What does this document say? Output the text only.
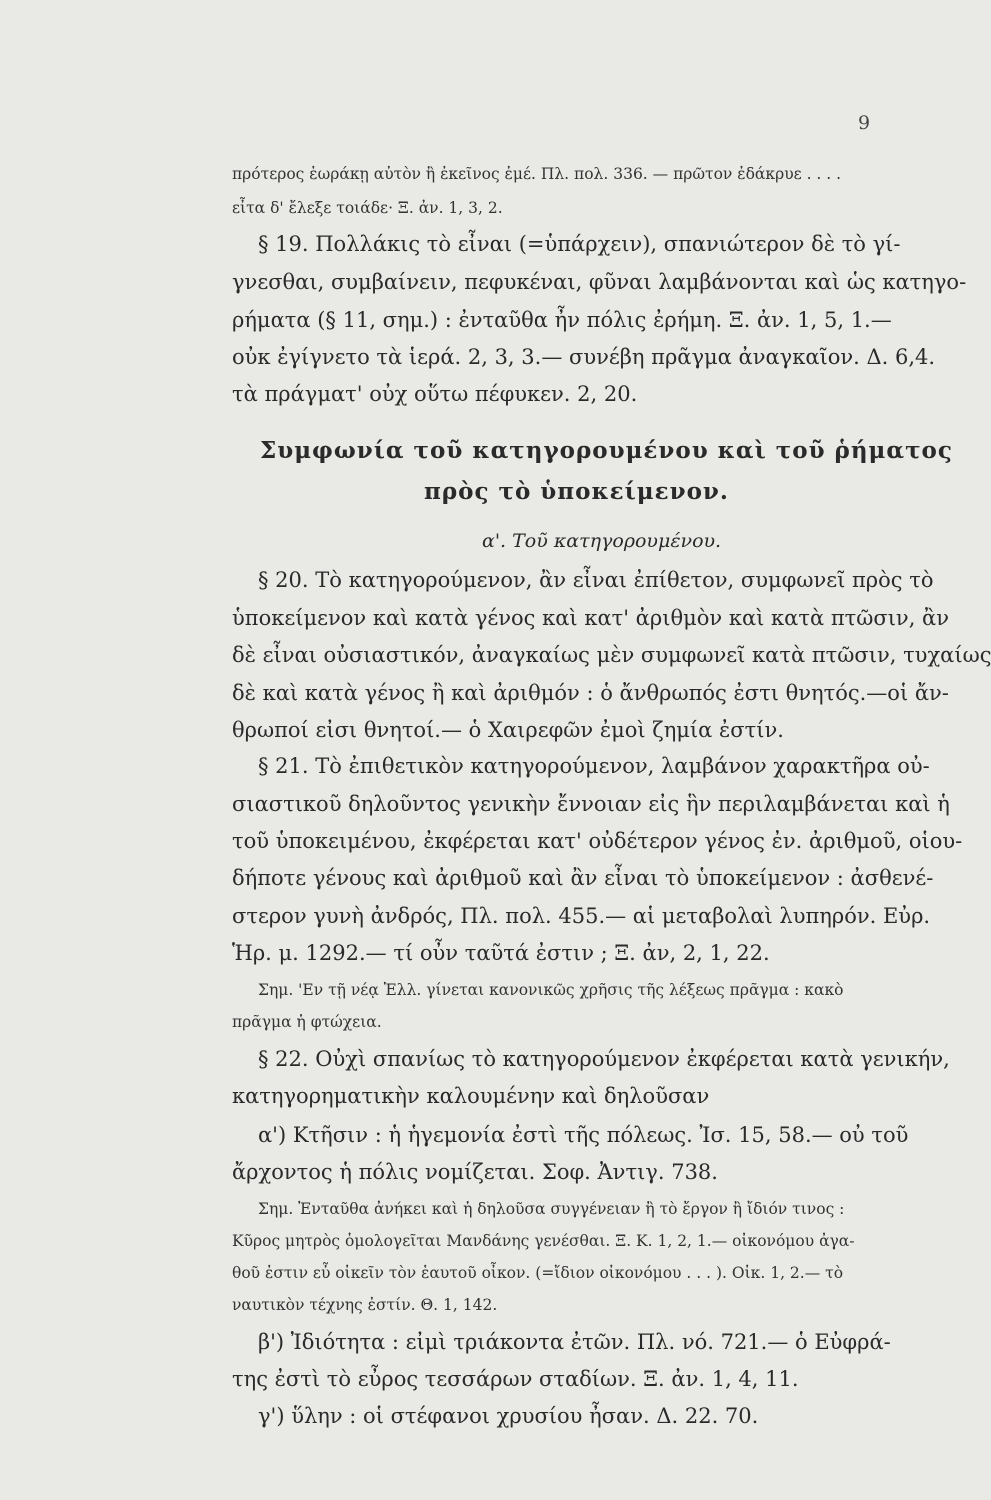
9
πρότερος ἑωράκῃ αὐτὸν ἢ ἐκεῖνος ἐμέ. Πλ. πολ. 336. — πρῶτον ἐδάκρυε . . . .
εἶτα δ' ἔλεξε τοιάδε· Ξ. ἀν. 1, 3, 2.
§ 19. Πολλάκις τὸ εἶναι (=ὑπάρχειν), σπανιώτερον δὲ τὸ γί-
γνεσθαι, συμβαίνειν, πεφυκέναι, φῦναι λαμβάνονται καὶ ὡς κατηγο-
ρήματα (§ 11, σημ.) : ἐνταῦθα ἦν πόλις ἐρήμη. Ξ. ἀν. 1, 5, 1.—
οὐκ ἐγίγνετο τὰ ἱερά. 2, 3, 3.— συνέβη πρᾶγμα ἀναγκαῖον. Δ. 6,4.
τὰ πράγματ' οὐχ οὕτω πέφυκεν. 2, 20.
Συμφωνία τοῦ κατηγορουμένου καὶ τοῦ ῥήματος
πρὸς τὸ ὑποκείμενον.
α'. Τοῦ κατηγορουμένου.
§ 20. Τὸ κατηγορούμενον, ἂν εἶναι ἐπίθετον, συμφωνεῖ πρὸς τὸ
ὑποκείμενον καὶ κατὰ γένος καὶ κατ' ἀριθμὸν καὶ κατὰ πτῶσιν, ἂν
δὲ εἶναι οὐσιαστικόν, ἀναγκαίως μὲν συμφωνεῖ κατὰ πτῶσιν, τυχαίως
δὲ καὶ κατὰ γένος ἢ καὶ ἀριθμόν : ὁ ἄνθρωπός ἐστι θνητός.—οἱ ἄν-
θρωποί εἰσι θνητοί.— ὁ Χαιρεφῶν ἐμοὶ ζημία ἐστίν.
§ 21. Τὸ ἐπιθετικὸν κατηγορούμενον, λαμβάνον χαρακτῆρα οὐ-
σιαστικοῦ δηλοῦντος γενικὴν ἔννοιαν εἰς ἣν περιλαμβάνεται καὶ ἡ
τοῦ ὑποκειμένου, ἐκφέρεται κατ' οὐδέτερον γένος ἐν. ἀριθμοῦ, οἱου-
δήποτε γένους καὶ ἀριθμοῦ καὶ ἂν εἶναι τὸ ὑποκείμενον : ἀσθενέ-
στερον γυνὴ ἀνδρός, Πλ. πολ. 455.— αἱ μεταβολαὶ λυπηρόν. Εὐρ.
Ἡρ. μ. 1292.— τί οὖν ταῦτά ἐστιν ; Ξ. ἀν, 2, 1, 22.
Σημ. 'Εν τῇ νέᾳ Ἑλλ. γίνεται κανονικῶς χρῆσις τῆς λέξεως πρᾶγμα : κακὸ
πρᾶγμα ἡ φτώχεια.
§ 22. Οὐχὶ σπανίως τὸ κατηγορούμενον ἐκφέρεται κατὰ γενικήν,
κατηγορηματικὴν καλουμένην καὶ δηλοῦσαν
α') Κτῆσιν : ἡ ἡγεμονία ἐστὶ τῆς πόλεως. Ἰσ. 15, 58.— οὐ τοῦ
ἄρχοντος ἡ πόλις νομίζεται. Σοφ. Ἀντιγ. 738.
Σημ. Ἐνταῦθα ἀνήκει καὶ ἡ δηλοῦσα συγγένειαν ἢ τὸ ἔργον ἢ ἴδιόν τινος :
Κῦρος μητρὸς ὁμολογεῖται Μανδάνης γενέσθαι. Ξ. Κ. 1, 2, 1.— οἰκονόμου ἀγα-
θοῦ ἐστιν εὖ οἰκεῖν τὸν ἑαυτοῦ οἶκον. (=ἴδιον οἰκονόμου . . . ). Οἰκ. 1, 2.— τὸ
ναυτικὸν τέχνης ἐστίν. Θ. 1, 142.
β') Ἰδιότητα : εἰμὶ τριάκοντα ἐτῶν. Πλ. νό. 721.— ὁ Εὐφρά-
της ἐστὶ τὸ εὖρος τεσσάρων σταδίων. Ξ. ἀν. 1, 4, 11.
γ') ὕλην : οἱ στέφανοι χρυσίου ἦσαν. Δ. 22. 70.
